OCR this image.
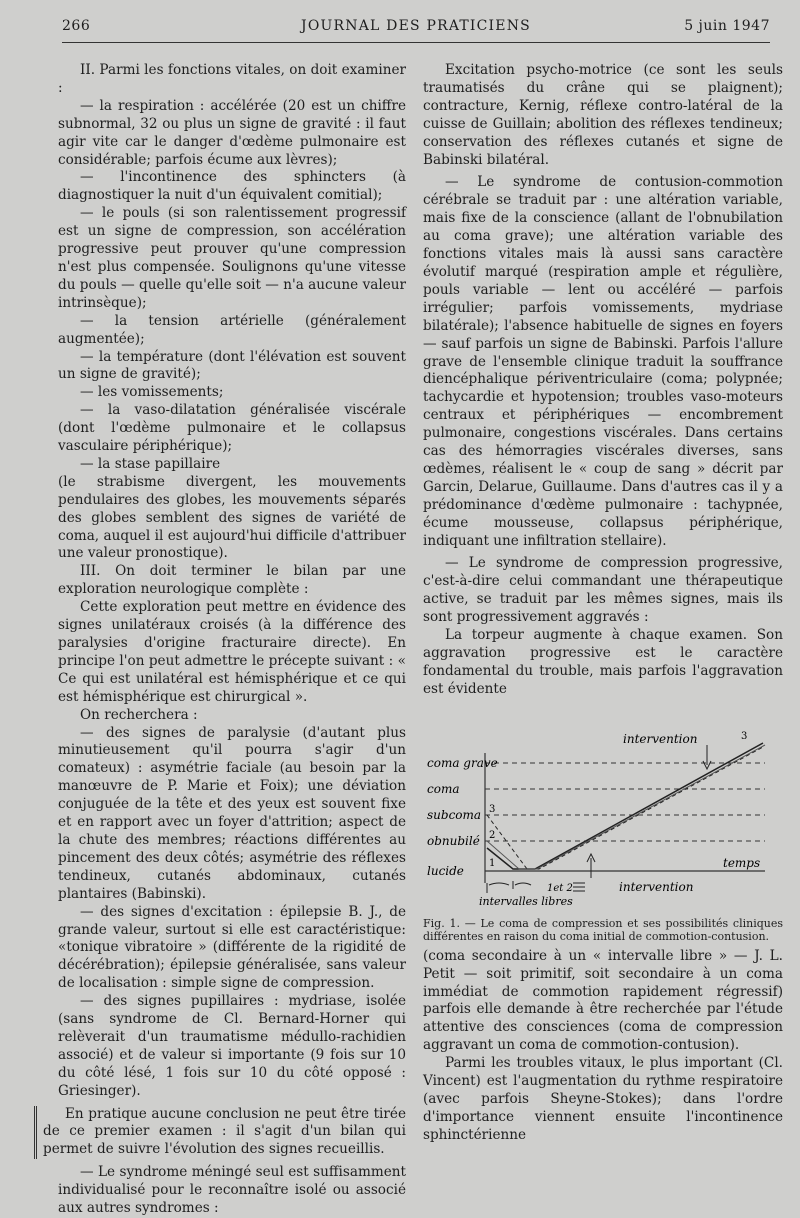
266	JOURNAL DES PRATICIENS	5 juin 1947

II. Parmi les fonctions vitales, on doit examiner :

— la respiration : accélérée (20 est un chiffre subnormal, 32 ou plus un signe de gravité : il faut agir vite car le danger d'œdème pulmonaire est considérable; parfois écume aux lèvres);

— l'incontinence des sphincters (à diagnostiquer la nuit d'un équivalent comitial);

— le pouls (si son ralentissement progressif est un signe de compression, son accélération progressive peut prouver qu'une compression n'est plus compensée. Soulignons qu'une vitesse du pouls — quelle qu'elle soit — n'a aucune valeur intrinsèque);

— la tension artérielle (généralement augmentée);

— la température (dont l'élévation est souvent un signe de gravité);

— les vomissements;

— la vaso-dilatation généralisée viscérale (dont l'œdème pulmonaire et le collapsus vasculaire périphérique);

— la stase papillaire

(le strabisme divergent, les mouvements pendulaires des globes, les mouvements séparés des globes semblent des signes de variété de coma, auquel il est aujourd'hui difficile d'attribuer une valeur pronostique).

III. On doit terminer le bilan par une exploration neurologique complète :

Cette exploration peut mettre en évidence des signes unilatéraux croisés (à la différence des paralysies d'origine fracturaire directe). En principe l'on peut admettre le précepte suivant : « Ce qui est unilatéral est hémisphérique et ce qui est hémisphérique est chirurgical ».

On recherchera :

— des signes de paralysie (d'autant plus minutieusement qu'il pourra s'agir d'un comateux) : asymétrie faciale (au besoin par la manœuvre de P. Marie et Foix); une déviation conjuguée de la tête et des yeux est souvent fixe et en rapport avec un foyer d'attrition; aspect de la chute des membres; réactions différentes au pincement des deux côtés; asymétrie des réflexes tendineux, cutanés abdominaux, cutanés plantaires (Babinski).

— des signes d'excitation : épilepsie B. J., de grande valeur, surtout si elle est caractéristique: «tonique vibratoire » (différente de la rigidité de décérébration); épilepsie généralisée, sans valeur de localisation : simple signe de compression.

— des signes pupillaires : mydriase, isolée (sans syndrome de Cl. Bernard-Horner qui relèverait d'un traumatisme médullo-rachidien associé) et de valeur si importante (9 fois sur 10 du côté lésé, 1 fois sur 10 du côté opposé : Griesinger).

En pratique aucune conclusion ne peut être tirée de ce premier examen : il s'agit d'un bilan qui permet de suivre l'évolution des signes recueillis.

— Le syndrome méningé seul est suffisamment individualisé pour le reconnaître isolé ou associé aux autres syndromes :

Excitation psycho-motrice (ce sont les seuls traumatisés du crâne qui se plaignent); contracture, Kernig, réflexe contro-latéral de la cuisse de Guillain; abolition des réflexes tendineux; conservation des réflexes cutanés et signe de Babinski bilatéral.

— Le syndrome de contusion-commotion cérébrale se traduit par : une altération variable, mais fixe de la conscience (allant de l'obnubilation au coma grave); une altération variable des fonctions vitales mais là aussi sans caractère évolutif marqué (respiration ample et régulière, pouls variable — lent ou accéléré — parfois irrégulier; parfois vomissements, mydriase bilatérale); l'absence habituelle de signes en foyers — sauf parfois un signe de Babinski. Parfois l'allure grave de l'ensemble clinique traduit la souffrance diencéphalique périventriculaire (coma; polypnée; tachycardie et hypotension; troubles vaso-moteurs centraux et périphériques — encombrement pulmonaire, congestions viscérales. Dans certains cas des hémorragies viscérales diverses, sans œdèmes, réalisent le « coup de sang » décrit par Garcin, Delarue, Guillaume. Dans d'autres cas il y a prédominance d'œdème pulmonaire : tachypnée, écume mousseuse, collapsus périphérique, indiquant une infiltration stellaire).

— Le syndrome de compression progressive, c'est-à-dire celui commandant une thérapeutique active, se traduit par les mêmes signes, mais ils sont progressivement aggravés :

La torpeur augmente à chaque examen. Son aggravation progressive est le caractère fondamental du trouble, mais parfois l'aggravation est évidente

coma grave
coma
subcoma
obnubilé
lucide
temps
intervention
intervention
intervalles libres
1et 2
1
2
3
3
Fig. 1. — Le coma de compression et ses possibilités cliniques différentes en raison du coma initial de commotion-contusion.

(coma secondaire à un « intervalle libre » — J. L. Petit — soit primitif, soit secondaire à un coma immédiat de commotion rapidement régressif) parfois elle demande à être recherchée par l'étude attentive des consciences (coma de compression aggravant un coma de commotion-contusion).

Parmi les troubles vitaux, le plus important (Cl. Vincent) est l'augmentation du rythme respiratoire (avec parfois Sheyne-Stokes); dans l'ordre d'importance viennent ensuite l'incontinence sphinctérienne
